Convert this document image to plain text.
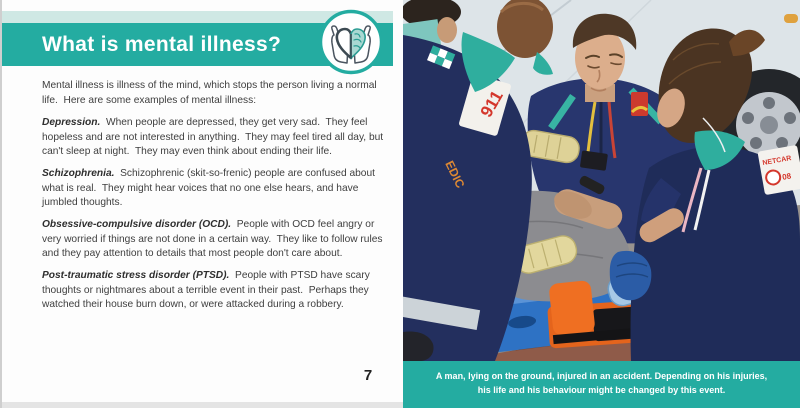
What is mental illness?
Mental illness is illness of the mind, which stops the person living a normal life.  Here are some examples of mental illness:
Depression.  When people are depressed, they get very sad.  They feel hopeless and are not interested in anything.  They may feel tired all day, but can't sleep at night.  They may even think about ending their life.
Schizophrenia.  Schizophrenic (skit-so-frenic) people are confused about what is real.  They might hear voices that no one else hears, and have jumbled thoughts.
Obsessive-compulsive disorder (OCD).  People with OCD feel angry or very worried if things are not done in a certain way.  They like to follow rules and they pay attention to details that most people don't care about.
Post-traumatic stress disorder (PTSD).  People with PTSD have scary thoughts or nightmares about a terrible event in their past.  Perhaps they watched their house burn down, or were attacked during a robbery.
7
NETCAR
08
911
EDIC
A man, lying on the ground, injured in an accident. Depending on his injuries,
his life and his behaviour might be changed by this event.
